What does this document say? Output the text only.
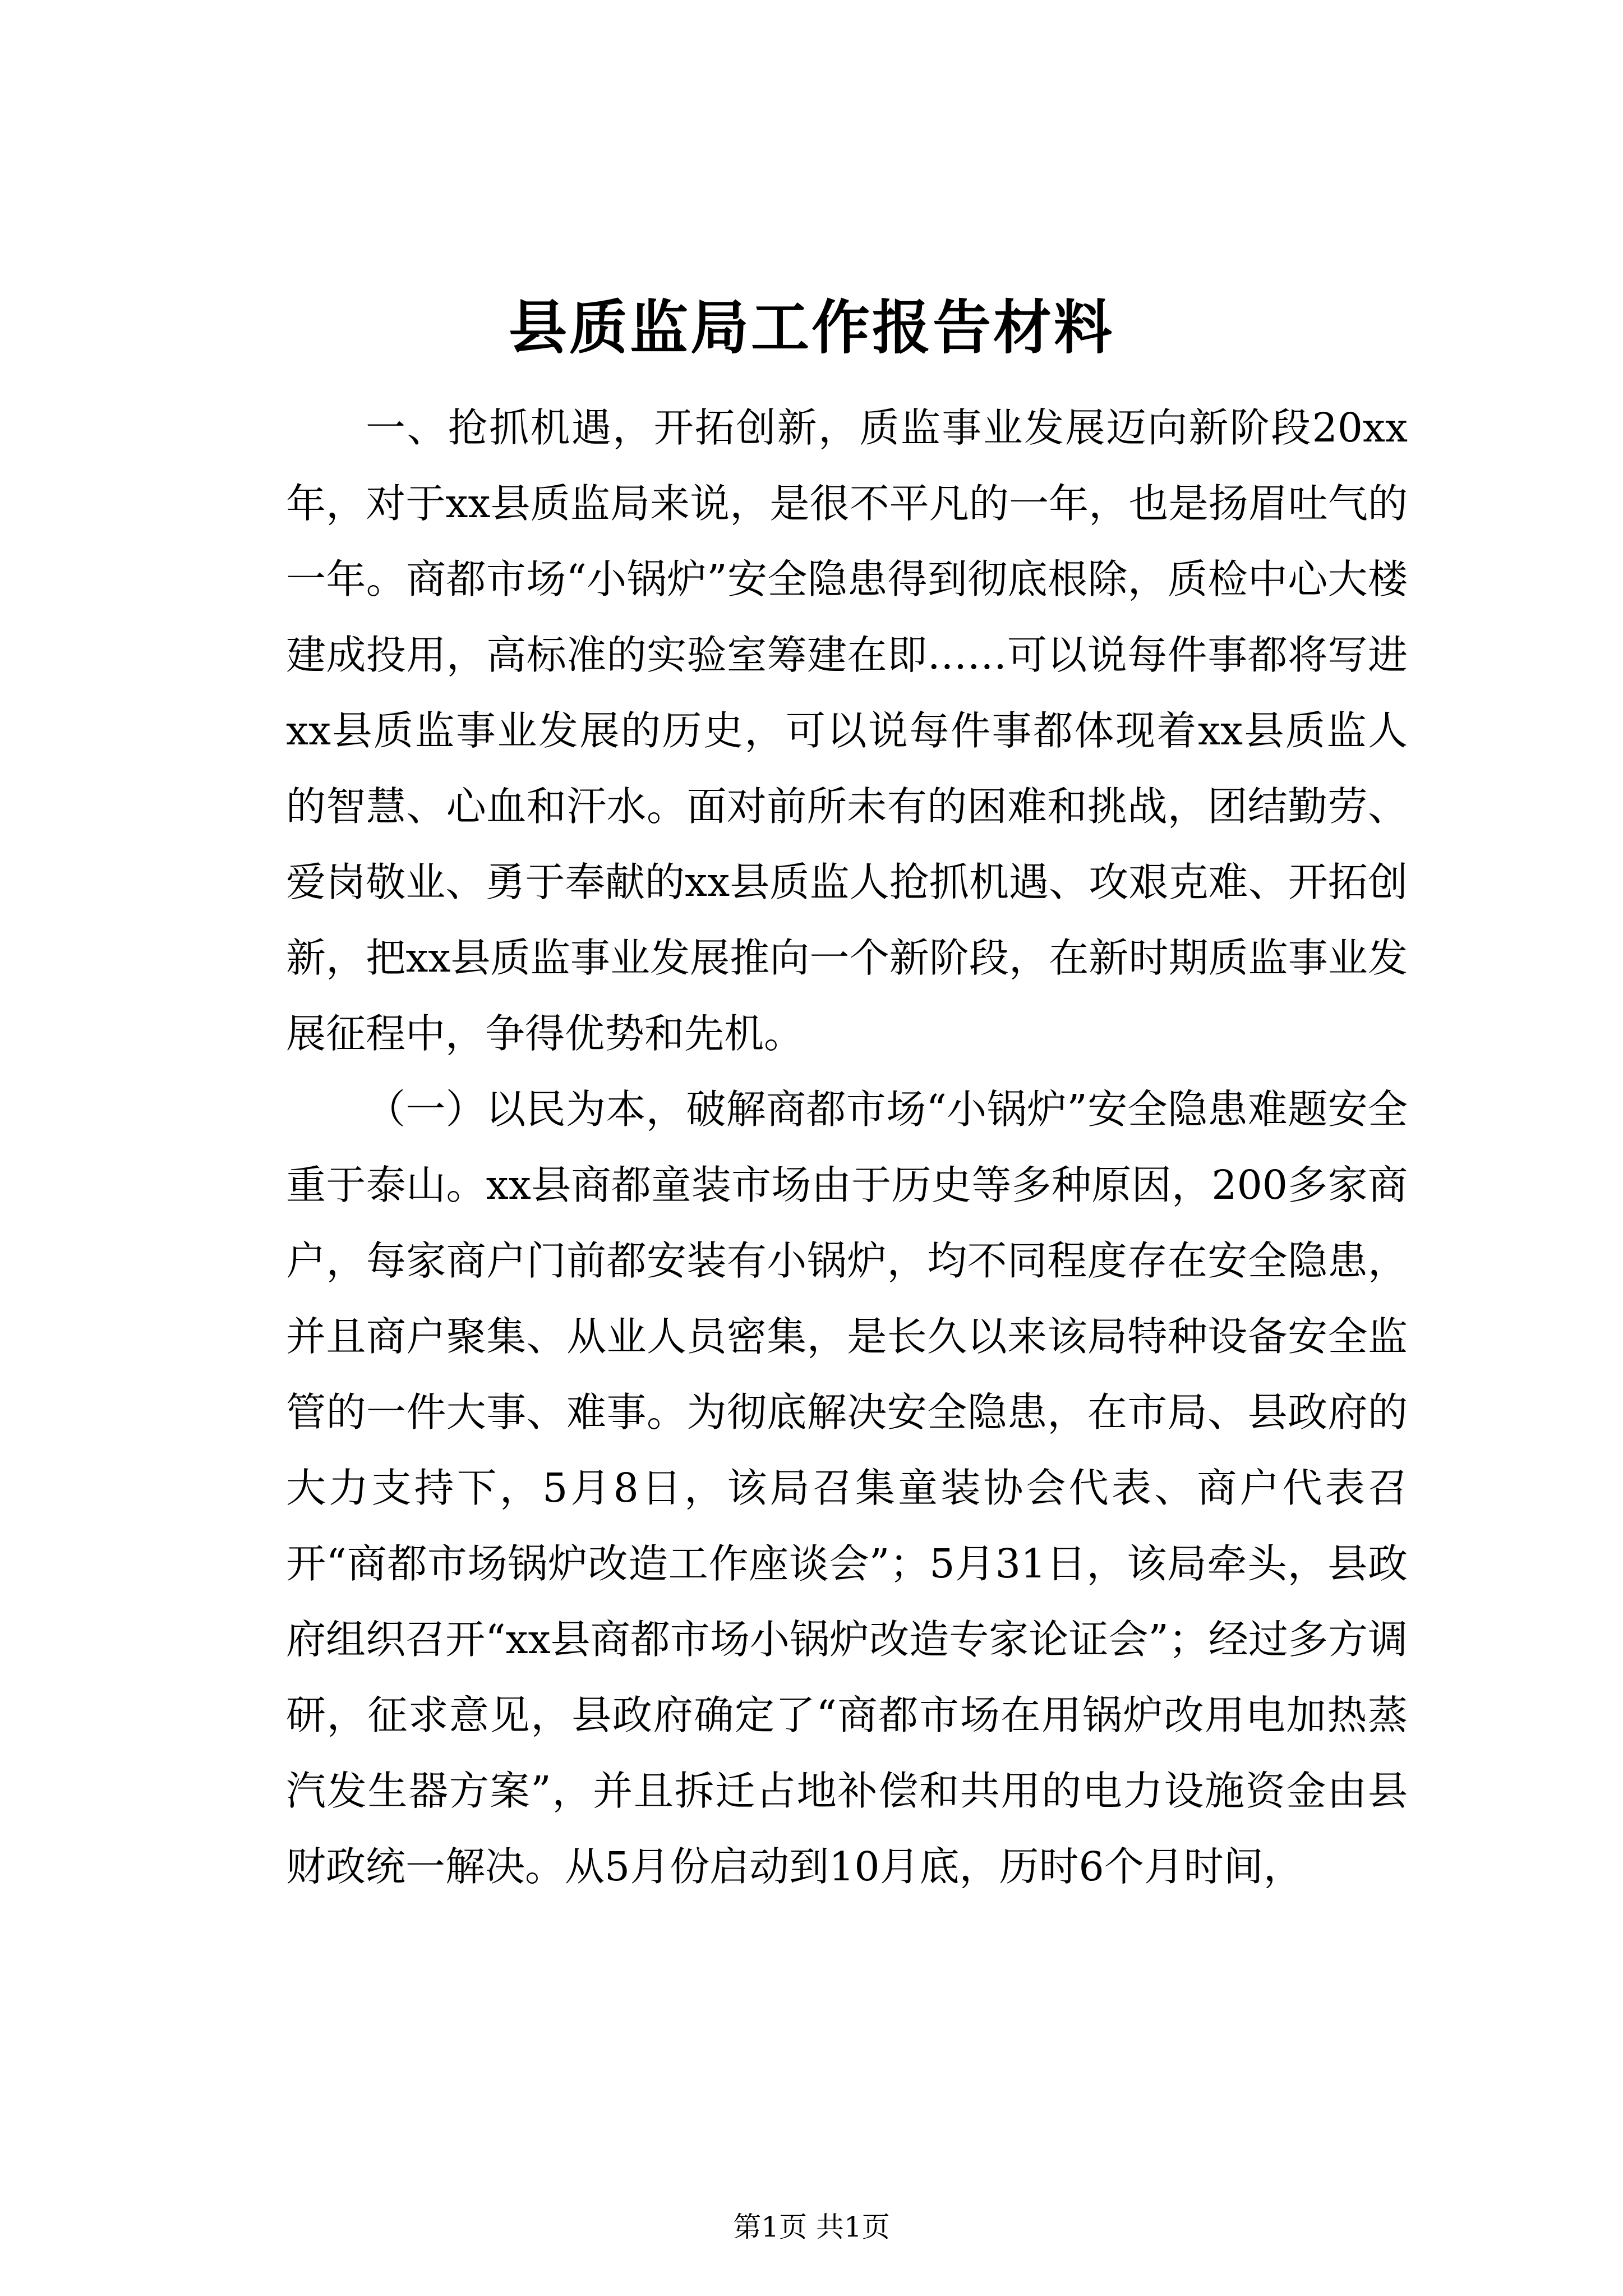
县质监局工作报告材料

一、抢抓机遇，开拓创新，质监事业发展迈向新阶段20xx年，对于xx县质监局来说，是很不平凡的一年，也是扬眉吐气的一年。商都市场“小锅炉”安全隐患得到彻底根除，质检中心大楼建成投用，高标准的实验室筹建在即……可以说每件事都将写进xx县质监事业发展的历史，可以说每件事都体现着xx县质监人的智慧、心血和汗水。面对前所未有的困难和挑战，团结勤劳、爱岗敬业、勇于奉献的xx县质监人抢抓机遇、攻艰克难、开拓创新，把xx县质监事业发展推向一个新阶段，在新时期质监事业发展征程中，争得优势和先机。

（一）以民为本，破解商都市场“小锅炉”安全隐患难题安全重于泰山。xx县商都童装市场由于历史等多种原因，200多家商户，每家商户门前都安装有小锅炉，均不同程度存在安全隐患，并且商户聚集、从业人员密集，是长久以来该局特种设备安全监管的一件大事、难事。为彻底解决安全隐患，在市局、县政府的大力支持下，5月8日，该局召集童装协会代表、商户代表召开“商都市场锅炉改造工作座谈会”；5月31日，该局牵头，县政府组织召开“xx县商都市场小锅炉改造专家论证会”；经过多方调研，征求意见，县政府确定了“商都市场在用锅炉改用电加热蒸汽发生器方案”，并且拆迁占地补偿和共用的电力设施资金由县财政统一解决。从5月份启动到10月底，历时6个月时间，

第1页 共1页
